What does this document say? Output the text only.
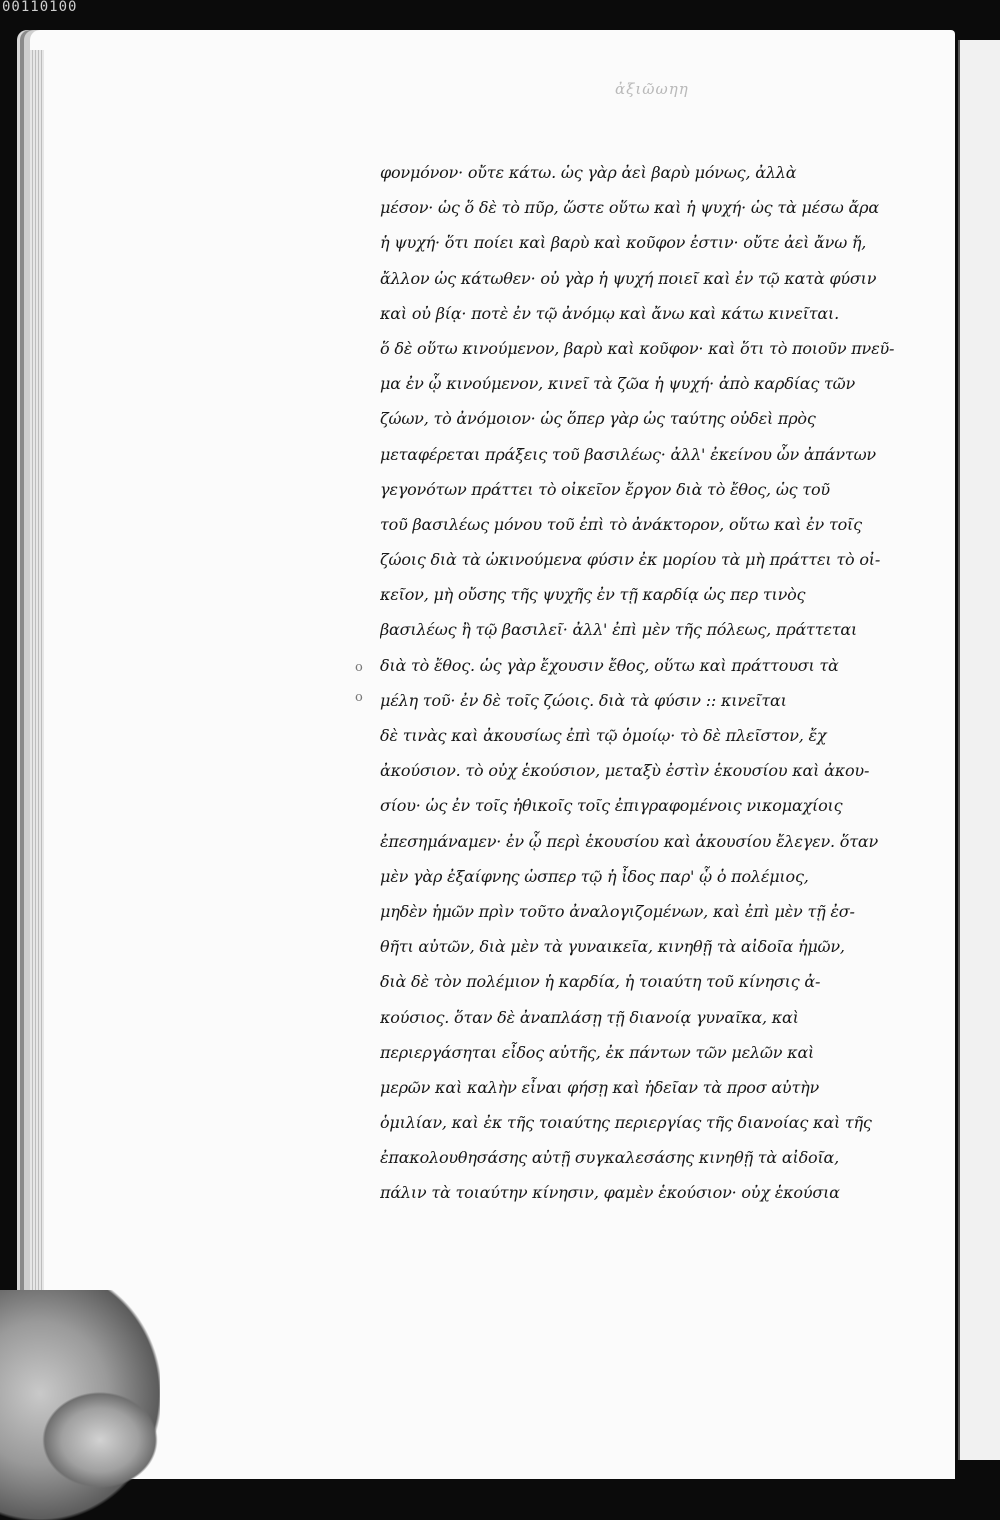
00110100
ἀξιῶωηη
ο
ο
φονμόνον· οὔτε κάτω. ὡς γὰρ ἀεὶ βαρὺ μόνως, ἀλλὰ
μέσον· ὡς ὅ δὲ τὸ πῦρ, ὥστε οὕτω καὶ ἡ ψυχή· ὡς τὰ μέσω ἄρα
ἡ ψυχή· ὅτι ποίει καὶ βαρὺ καὶ κοῦφον ἐστιν· οὔτε ἀεὶ ἄνω ἤ,
ἄλλον ὡς κάτωθεν· οὐ γὰρ ἡ ψυχή ποιεῖ καὶ ἐν τῷ κατὰ φύσιν
καὶ οὐ βίᾳ· ποτὲ ἐν τῷ ἀνόμῳ καὶ ἄνω καὶ κάτω κινεῖται.
ὅ δὲ οὕτω κινούμενον, βαρὺ καὶ κοῦφον· καὶ ὅτι τὸ ποιοῦν πνεῦ-
μα ἐν ᾧ κινούμενον, κινεῖ τὰ ζῶα ἡ ψυχή· ἀπὸ καρδίας τῶν
ζώων, τὸ ἀνόμοιον· ὡς ὅπερ γὰρ ὡς ταύτης οὐδεὶ πρὸς
μεταφέρεται πράξεις τοῦ βασιλέως· ἀλλ' ἐκείνου ὧν ἀπάντων
γεγονότων πράττει τὸ οἰκεῖον ἔργον διὰ τὸ ἔθος, ὡς τοῦ
τοῦ βασιλέως μόνου τοῦ ἐπὶ τὸ ἀνάκτορον, οὕτω καὶ ἐν τοῖς
ζώοις διὰ τὰ ὠκινούμενα φύσιν ἐκ μορίου τὰ μὴ πράττει τὸ οἰ-
κεῖον, μὴ οὔσης τῆς ψυχῆς ἐν τῇ καρδίᾳ ὡς περ τινὸς
βασιλέως ἢ τῷ βασιλεῖ· ἀλλ' ἐπὶ μὲν τῆς πόλεως, πράττεται
διὰ τὸ ἔθος. ὡς γὰρ ἔχουσιν ἔθος, οὕτω καὶ πράττουσι τὰ
μέλη τοῦ· ἐν δὲ τοῖς ζώοις. διὰ τὰ φύσιν :: κινεῖται
δὲ τινὰς καὶ ἀκουσίως ἐπὶ τῷ ὁμοίῳ· τὸ δὲ πλεῖστον, ἔχ
ἀκούσιον. τὸ οὐχ ἑκούσιον, μεταξὺ ἐστὶν ἑκουσίου καὶ ἀκου-
σίου· ὡς ἐν τοῖς ἠθικοῖς τοῖς ἐπιγραφομένοις νικομαχίοις
ἐπεσημάναμεν· ἐν ᾧ περὶ ἑκουσίου καὶ ἀκουσίου ἔλεγεν. ὅταν
μὲν γὰρ ἐξαίφνης ὡσπερ τῷ ἡ ἶδος παρ' ᾧ ὁ πολέμιος,
μηδὲν ἡμῶν πρὶν τοῦτο ἀναλογιζομένων, καὶ ἐπὶ μὲν τῇ ἐσ-
θῆτι αὐτῶν, διὰ μὲν τὰ γυναικεῖα, κινηθῇ τὰ αἰδοῖα ἡμῶν,
διὰ δὲ τὸν πολέμιον ἡ καρδία, ἡ τοιαύτη τοῦ κίνησις ἀ-
κούσιος. ὅταν δὲ ἀναπλάσῃ τῇ διανοίᾳ γυναῖκα, καὶ
περιεργάσηται εἶδος αὐτῆς, ἐκ πάντων τῶν μελῶν καὶ
μερῶν καὶ καλὴν εἶναι φήσῃ καὶ ἡδεῖαν τὰ προσ αὐτὴν
ὁμιλίαν, καὶ ἐκ τῆς τοιαύτης περιεργίας τῆς διανοίας καὶ τῆς
ἐπακολουθησάσης αὐτῇ συγκαλεσάσης κινηθῇ τὰ αἰδοῖα,
πάλιν τὰ τοιαύτην κίνησιν, φαμὲν ἑκούσιον· οὐχ ἑκούσια
